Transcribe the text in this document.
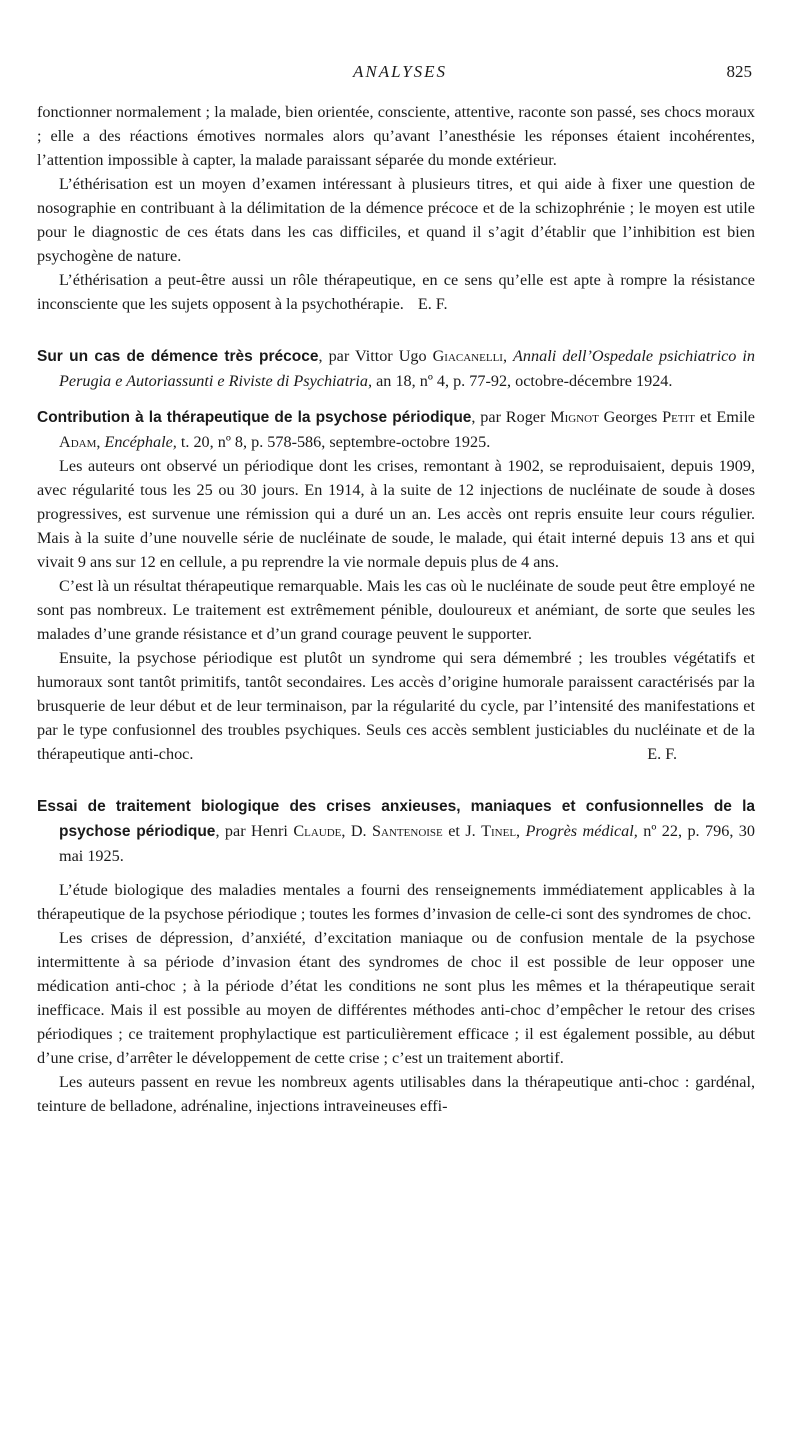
ANALYSES	825

fonctionner normalement ; la malade, bien orientée, consciente, attentive, raconte son passé, ses chocs moraux ; elle a des réactions émotives normales alors qu’avant l’anesthésie les réponses étaient incohérentes, l’attention impossible à capter, la malade paraissant séparée du monde extérieur.

L’éthérisation est un moyen d’examen intéressant à plusieurs titres, et qui aide à fixer une question de nosographie en contribuant à la délimitation de la démence précoce et de la schizophrénie ; le moyen est utile pour le diagnostic de ces états dans les cas difficiles, et quand il s’agit d’établir que l’inhibition est bien psychogène de nature.

L’éthérisation a peut-être aussi un rôle thérapeutique, en ce sens qu’elle est apte à rompre la résistance inconsciente que les sujets opposent à la psychothérapie. E. F.

Sur un cas de démence très précoce, par Vittor Ugo Giacanelli, Annali dell’Ospedale psichiatrico in Perugia e Autoriassunti e Riviste di Psychiatria, an 18, nº 4, p. 77-92, octobre-décembre 1924.

Contribution à la thérapeutique de la psychose périodique, par Roger Mignot Georges Petit et Emile Adam, Encéphale, t. 20, nº 8, p. 578-586, septembre-octobre 1925.

Les auteurs ont observé un périodique dont les crises, remontant à 1902, se reproduisaient, depuis 1909, avec régularité tous les 25 ou 30 jours. En 1914, à la suite de 12 injections de nucléinate de soude à doses progressives, est survenue une rémission qui a duré un an. Les accès ont repris ensuite leur cours régulier. Mais à la suite d’une nouvelle série de nucléinate de soude, le malade, qui était interné depuis 13 ans et qui vivait 9 ans sur 12 en cellule, a pu reprendre la vie normale depuis plus de 4 ans.

C’est là un résultat thérapeutique remarquable. Mais les cas où le nucléinate de soude peut être employé ne sont pas nombreux. Le traitement est extrêmement pénible, douloureux et anémiant, de sorte que seules les malades d’une grande résistance et d’un grand courage peuvent le supporter.

Ensuite, la psychose périodique est plutôt un syndrome qui sera démembré ; les troubles végétatifs et humoraux sont tantôt primitifs, tantôt secondaires. Les accès d’origine humorale paraissent caractérisés par la brusquerie de leur début et de leur terminaison, par la régularité du cycle, par l’intensité des manifestations et par le type confusionnel des troubles psychiques. Seuls ces accès semblent justiciables du nucléinate et de la thérapeutique anti-choc.	E. F.

Essai de traitement biologique des crises anxieuses, maniaques et confusionnelles de la psychose périodique, par Henri Claude, D. Santenoise et J. Tinel, Progrès médical, nº 22, p. 796, 30 mai 1925.

L’étude biologique des maladies mentales a fourni des renseignements immédiatement applicables à la thérapeutique de la psychose périodique ; toutes les formes d’invasion de celle-ci sont des syndromes de choc.

Les crises de dépression, d’anxiété, d’excitation maniaque ou de confusion mentale de la psychose intermittente à sa période d’invasion étant des syndromes de choc il est possible de leur opposer une médication anti-choc ; à la période d’état les conditions ne sont plus les mêmes et la thérapeutique serait inefficace. Mais il est possible au moyen de différentes méthodes anti-choc d’empêcher le retour des crises périodiques ; ce traitement prophylactique est particulièrement efficace ; il est également possible, au début d’une crise, d’arrêter le développement de cette crise ; c’est un traitement abortif.

Les auteurs passent en revue les nombreux agents utilisables dans la thérapeutique anti-choc : gardénal, teinture de belladone, adrénaline, injections intraveineuses effi-
